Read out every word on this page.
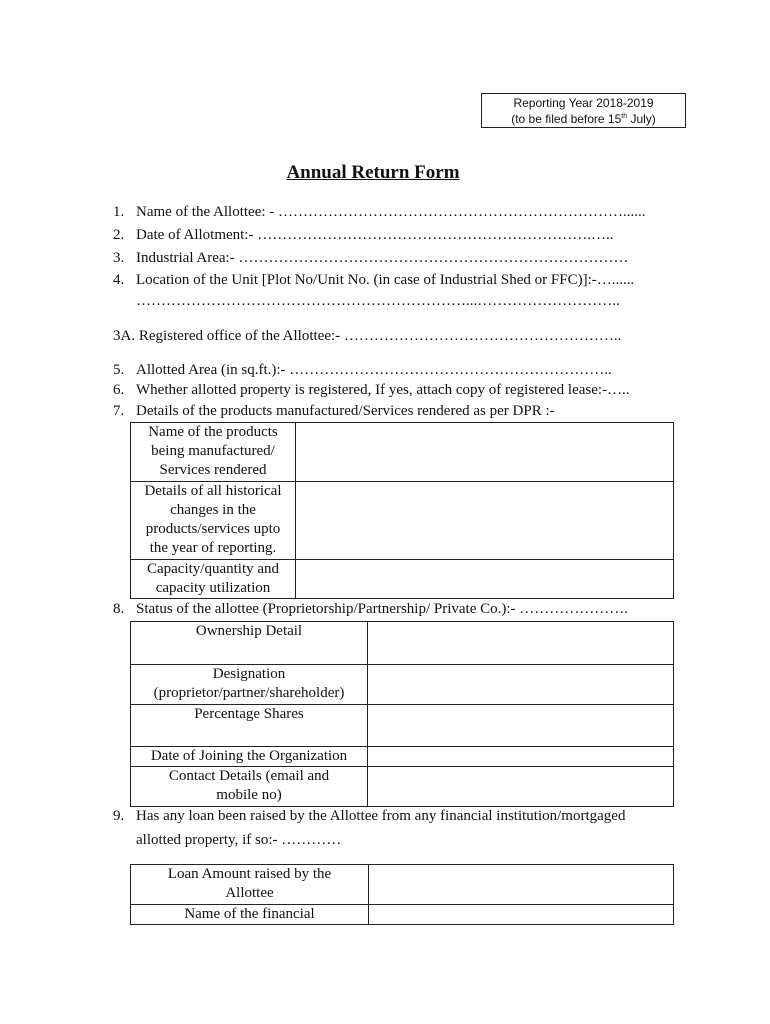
Reporting Year 2018-2019
(to be filed before 15th July)
Annual Return Form
1. Name of the Allottee: - ……………………………………………………………......
2. Date of Allotment:- ………………………………………………………….…..
3. Industrial Area:- ……………………………………………………………………
4. Location of the Unit [Plot No/Unit No. (in case of Industrial Shed or FFC)]:-…......
…………………………………………………………...………………………..
3A. Registered office of the Allottee:- ………………………………………………..
5. Allotted Area (in sq.ft.):- ………………………………………………………..
6. Whether allotted property is registered, If yes, attach copy of registered lease:-…..
7. Details of the products manufactured/Services rendered as per DPR :-
Name of the products
being manufactured/
Services rendered	

Details of all historical
changes in the
products/services upto
the year of reporting.	

Capacity/quantity and
capacity utilization	

8. Status of the allottee (Proprietorship/Partnership/ Private Co.):- ………………….
Ownership Detail	

Designation
(proprietor/partner/shareholder)	

Percentage Shares	

Date of Joining the Organization	

Contact Details (email and
mobile no)	

9. Has any loan been raised by the Allottee from any financial institution/mortgaged
allotted property, if so:- …………
Loan Amount raised by the
Allottee	

Name of the financial	
